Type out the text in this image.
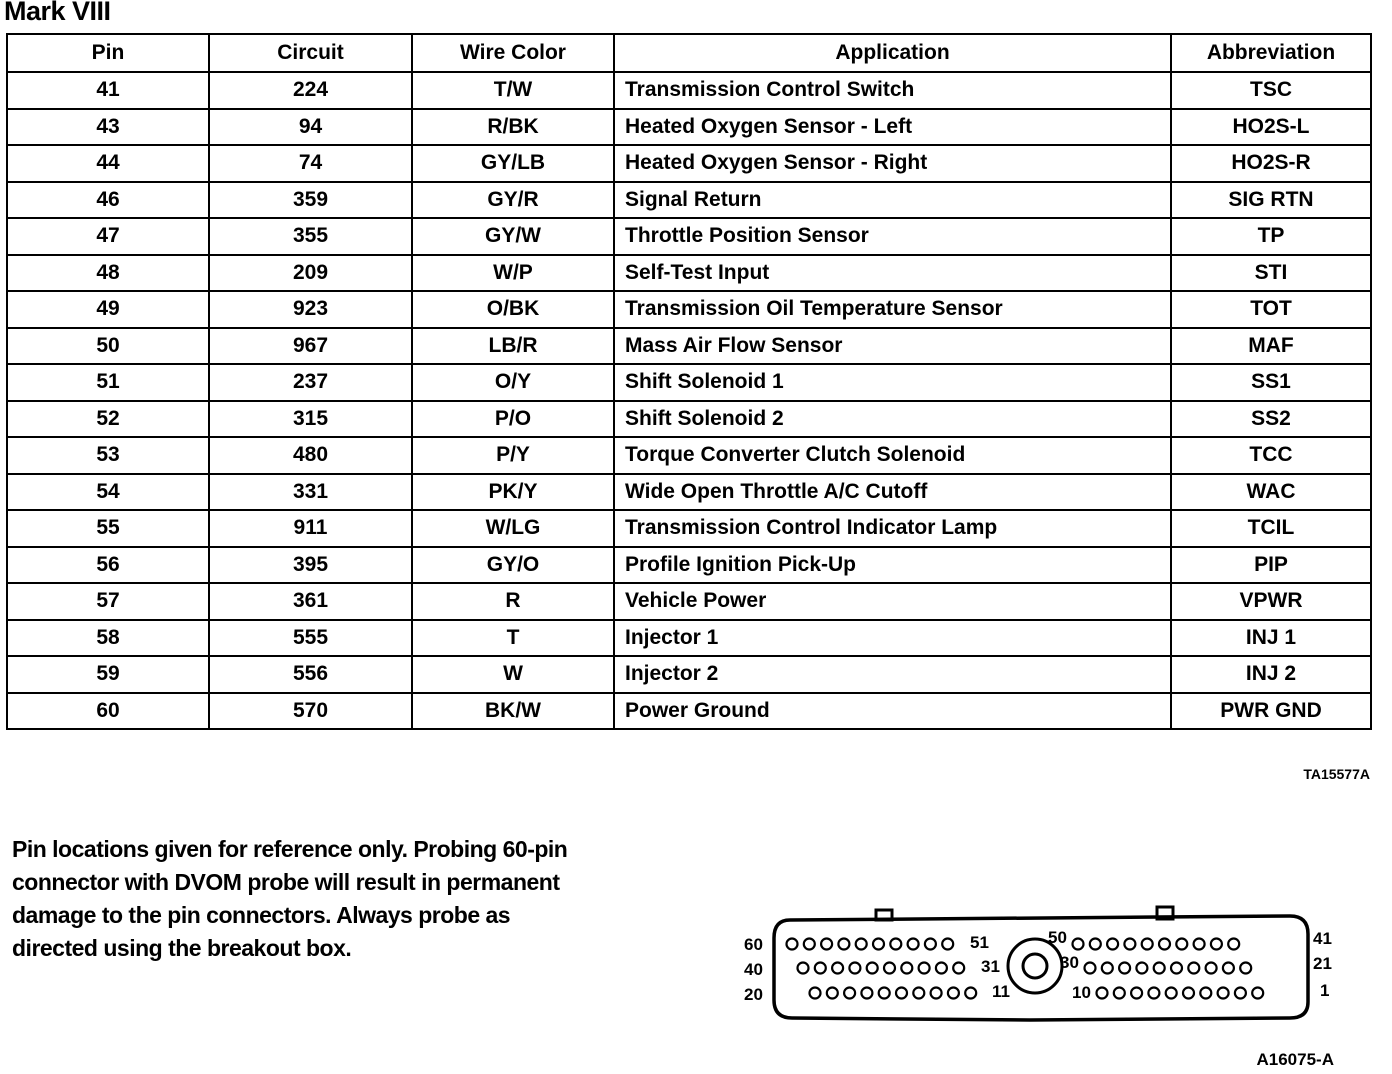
Mark VIII
Pin	Circuit	Wire Color	Application	Abbreviation
41	224	T/W	Transmission Control Switch	TSC
43	94	R/BK	Heated Oxygen Sensor - Left	HO2S-L
44	74	GY/LB	Heated Oxygen Sensor - Right	HO2S-R
46	359	GY/R	Signal Return	SIG RTN
47	355	GY/W	Throttle Position Sensor	TP
48	209	W/P	Self-Test Input	STI
49	923	O/BK	Transmission Oil Temperature Sensor	TOT
50	967	LB/R	Mass Air Flow Sensor	MAF
51	237	O/Y	Shift Solenoid 1	SS1
52	315	P/O	Shift Solenoid 2	SS2
53	480	P/Y	Torque Converter Clutch Solenoid	TCC
54	331	PK/Y	Wide Open Throttle A/C Cutoff	WAC
55	911	W/LG	Transmission Control Indicator Lamp	TCIL
56	395	GY/O	Profile Ignition Pick-Up	PIP
57	361	R	Vehicle Power	VPWR
58	555	T	Injector 1	INJ 1
59	556	W	Injector 2	INJ 2
60	570	BK/W	Power Ground	PWR GND
TA15577A
Pin locations given for reference only. Probing 60-pin
connector with DVOM probe will result in permanent
damage to the pin connectors. Always probe as
directed using the breakout box.	60
40
20
51
31
11
50
30
10
41
21
1
A16075-A
